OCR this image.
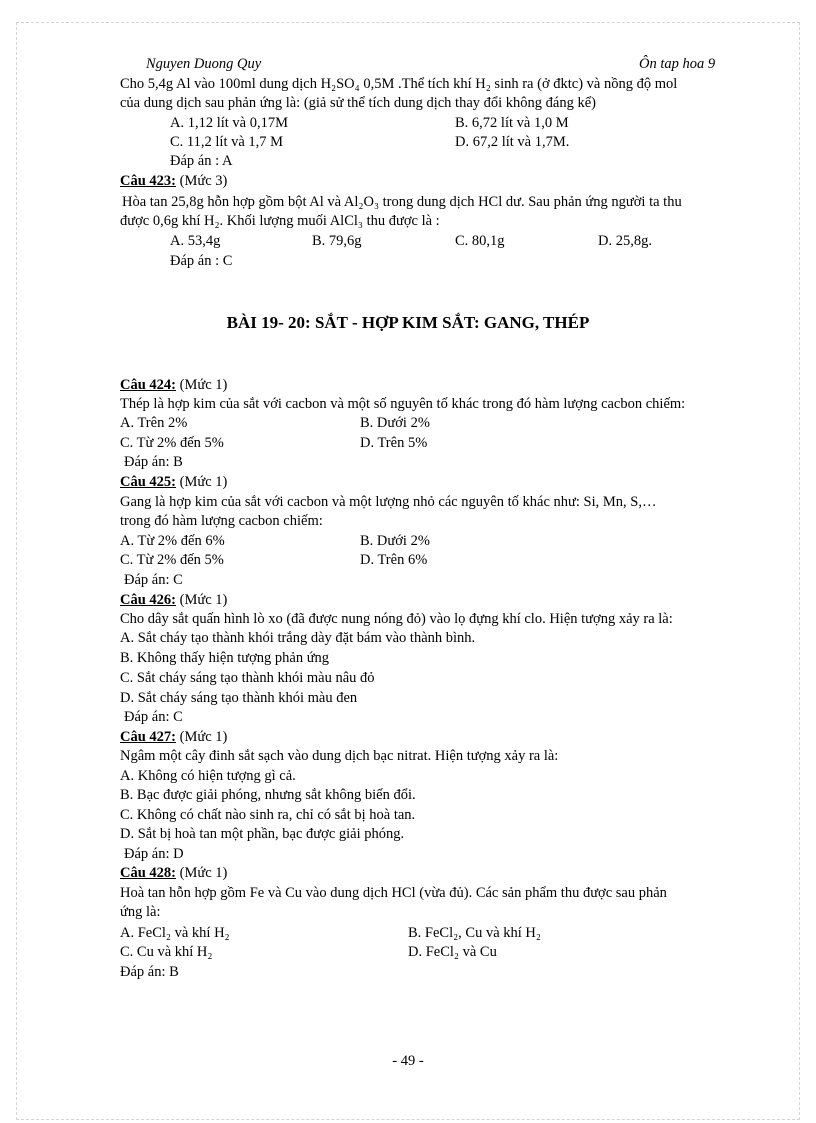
Nguyen Duong Quy	Ôn tap hoa 9
Cho 5,4g Al vào 100ml dung dịch H₂SO₄ 0,5M .Thể tích khí H₂ sinh ra (ở đktc) và nồng độ mol
của dung dịch sau phản ứng là: (giả sử thể tích dung dịch thay đổi không đáng kể)
A. 1,12 lít và 0,17M	B. 6,72 lít và 1,0 M
C. 11,2 lít và 1,7 M	D. 67,2 lít và 1,7M.
Đáp án : A
Câu 423: (Mức 3)
Hòa tan 25,8g hỗn hợp gồm bột Al và Al₂O₃ trong dung dịch HCl dư. Sau phản ứng người ta thu
được 0,6g khí H₂. Khối lượng muối AlCl₃ thu được là :
A. 53,4g	B. 79,6g	C. 80,1g	D. 25,8g.
Đáp án : C
BÀI 19- 20: SẮT - HỢP KIM SẮT: GANG, THÉP
Câu 424: (Mức 1)
Thép là hợp kim của sắt với cacbon và một số nguyên tố khác trong đó hàm lượng cacbon chiếm:
A. Trên 2%	B. Dưới 2%
C. Từ 2% đến 5%	D. Trên 5%
Đáp án: B
Câu 425: (Mức 1)
Gang là hợp kim của sắt với cacbon và một lượng nhỏ các nguyên tố khác như: Si, Mn, S,…
trong đó hàm lượng cacbon chiếm:
A. Từ 2% đến 6%	B. Dưới 2%
C. Từ 2% đến 5%	D. Trên 6%
Đáp án: C
Câu 426: (Mức 1)
Cho dây sắt quấn hình lò xo (đã được nung nóng đỏ) vào lọ đựng khí clo. Hiện tượng xảy ra là:
A. Sắt cháy tạo thành khói trắng dày đặt bám vào thành bình.
B. Không thấy hiện tượng phản ứng
C. Sắt cháy sáng tạo thành khói màu nâu đỏ
D. Sắt cháy sáng tạo thành khói màu đen
Đáp án: C
Câu 427: (Mức 1)
Ngâm một cây đinh sắt sạch vào dung dịch bạc nitrat. Hiện tượng xảy ra là:
A. Không có hiện tượng gì cả.
B. Bạc được giải phóng, nhưng sắt không biến đổi.
C. Không có chất nào sinh ra, chỉ có sắt bị hoà tan.
D. Sắt bị hoà tan một phần, bạc được giải phóng.
Đáp án: D
Câu 428: (Mức 1)
Hoà tan hỗn hợp gồm Fe và Cu vào dung dịch HCl (vừa đủ). Các sản phẩm thu được sau phản
ứng là:
A. FeCl₂ và khí H₂	B. FeCl₂, Cu và khí H₂
C. Cu và khí H₂	D. FeCl₂ và Cu
Đáp án: B
- 49 -
